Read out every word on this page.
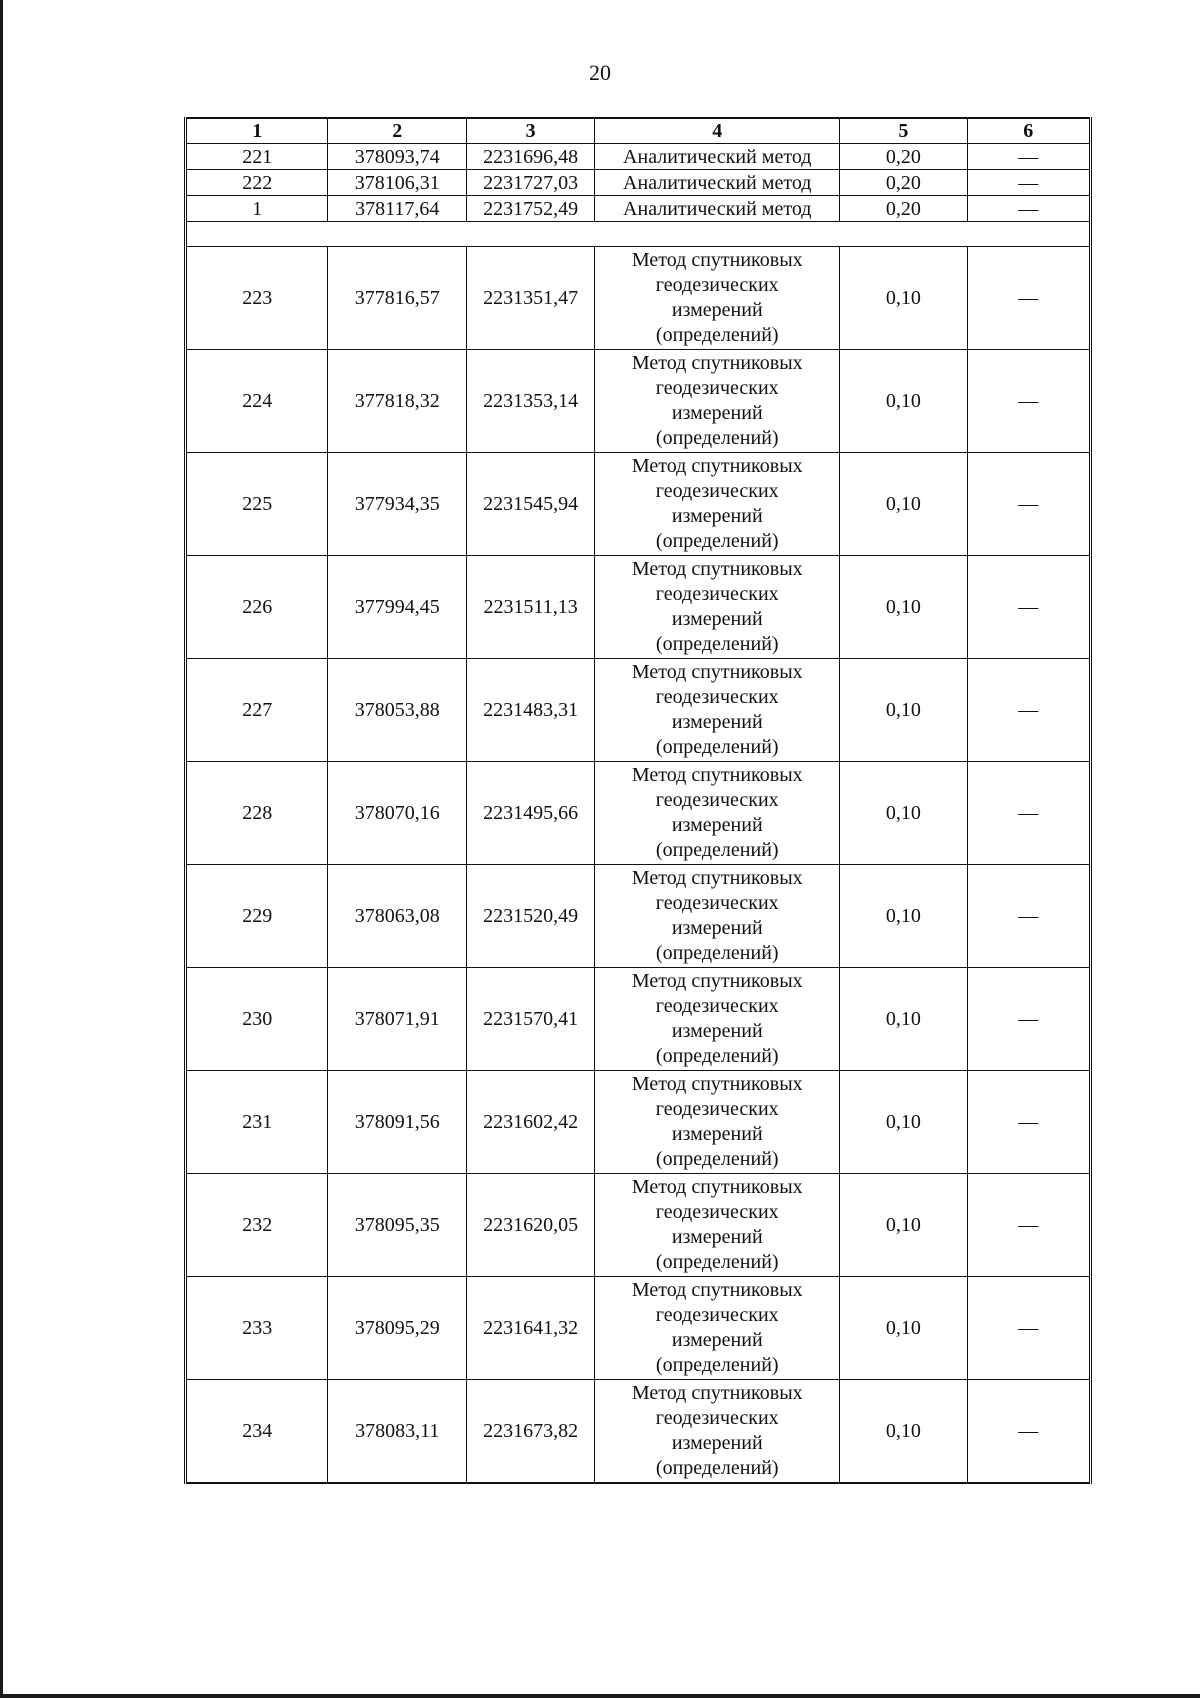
20
1	2	3	4	5	6
221	378093,74	2231696,48	Аналитический метод	0,20	—
222	378106,31	2231727,03	Аналитический метод	0,20	—
1	378117,64	2231752,49	Аналитический метод	0,20	—

223	377816,57	2231351,47	Метод спутниковых
геодезических
измерений
(определений)	0,10	—
224	377818,32	2231353,14	Метод спутниковых
геодезических
измерений
(определений)	0,10	—
225	377934,35	2231545,94	Метод спутниковых
геодезических
измерений
(определений)	0,10	—
226	377994,45	2231511,13	Метод спутниковых
геодезических
измерений
(определений)	0,10	—
227	378053,88	2231483,31	Метод спутниковых
геодезических
измерений
(определений)	0,10	—
228	378070,16	2231495,66	Метод спутниковых
геодезических
измерений
(определений)	0,10	—
229	378063,08	2231520,49	Метод спутниковых
геодезических
измерений
(определений)	0,10	—
230	378071,91	2231570,41	Метод спутниковых
геодезических
измерений
(определений)	0,10	—
231	378091,56	2231602,42	Метод спутниковых
геодезических
измерений
(определений)	0,10	—
232	378095,35	2231620,05	Метод спутниковых
геодезических
измерений
(определений)	0,10	—
233	378095,29	2231641,32	Метод спутниковых
геодезических
измерений
(определений)	0,10	—
234	378083,11	2231673,82	Метод спутниковых
геодезических
измерений
(определений)	0,10	—
